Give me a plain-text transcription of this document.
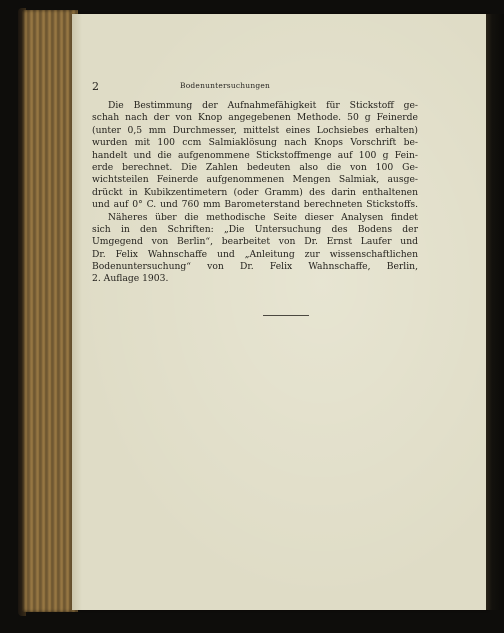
2	Bodenuntersuchungen

Die Bestimmung der Aufnahmefähigkeit für Stickstoff ge-
schah nach der von Knop angegebenen Methode. 50 g Feinerde
(unter 0,5 mm Durchmesser, mittelst eines Lochsiebes erhalten)
wurden mit 100 ccm Salmiaklösung nach Knops Vorschrift be-
handelt und die aufgenommene Stickstoffmenge auf 100 g Fein-
erde berechnet. Die Zahlen bedeuten also die von 100 Ge-
wichtsteilen Feinerde aufgenommenen Mengen Salmiak, ausge-
drückt in Kubikzentimetern (oder Gramm) des darin enthaltenen
und auf 0° C. und 760 mm Barometerstand berechneten Stickstoffs.

Näheres über die methodische Seite dieser Analysen findet
sich in den Schriften: „Die Untersuchung des Bodens der
Umgegend von Berlin“, bearbeitet von Dr. Ernst Laufer und
Dr. Felix Wahnschaffe und „Anleitung zur wissenschaftlichen
Bodenuntersuchung“ von Dr. Felix Wahnschaffe, Berlin,
2. Auflage 1903.
